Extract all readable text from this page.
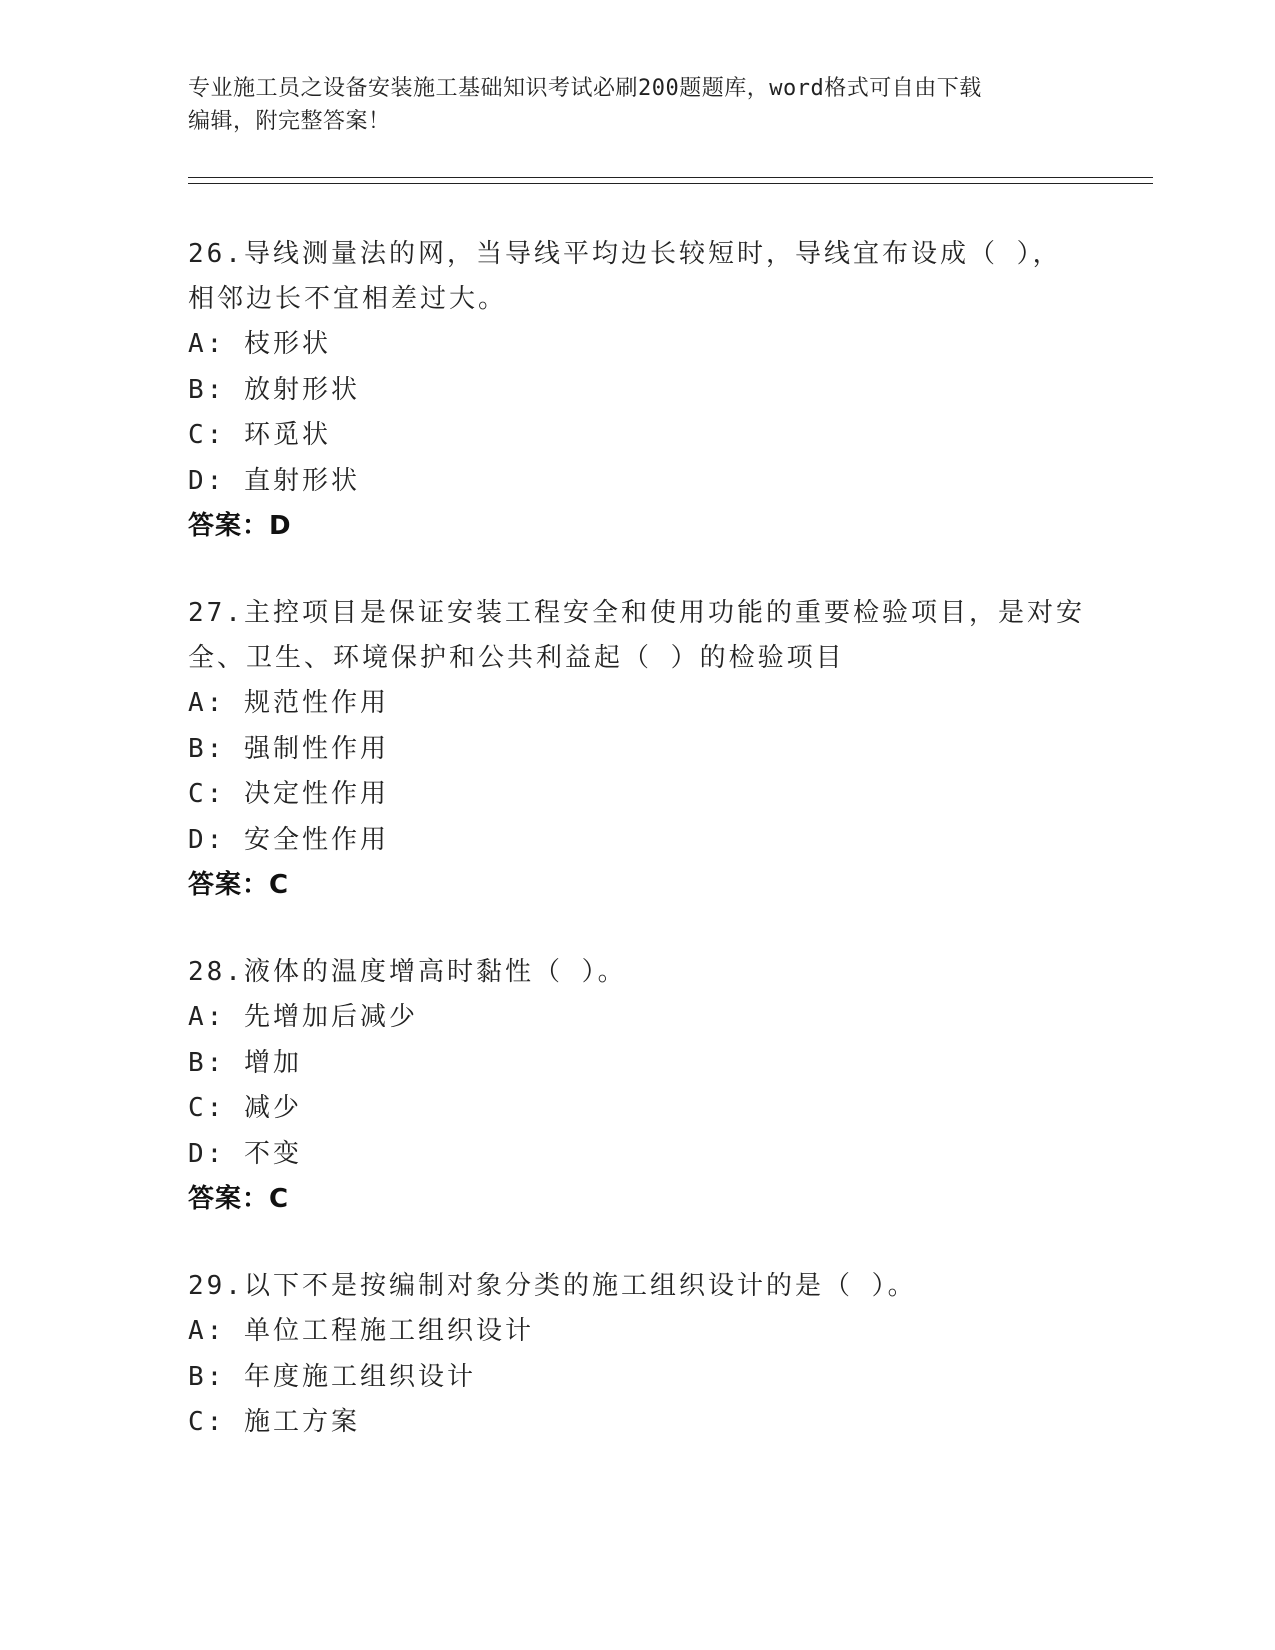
专业施工员之设备安装施工基础知识考试必刷200题题库，word格式可自由下载
编辑，附完整答案！
26.导线测量法的网，当导线平均边长较短时，导线宜布设成（ ），
相邻边长不宜相差过大。
A: 枝形状
B: 放射形状
C: 环觅状
D: 直射形状
答案：D
27.主控项目是保证安装工程安全和使用功能的重要检验项目，是对安
全、卫生、环境保护和公共利益起（ ）的检验项目
A: 规范性作用
B: 强制性作用
C: 决定性作用
D: 安全性作用
答案：C
28.液体的温度增高时黏性（ ）。
A: 先增加后减少
B: 增加
C: 减少
D: 不变
答案：C
29.以下不是按编制对象分类的施工组织设计的是（ ）。
A: 单位工程施工组织设计
B: 年度施工组织设计
C: 施工方案
